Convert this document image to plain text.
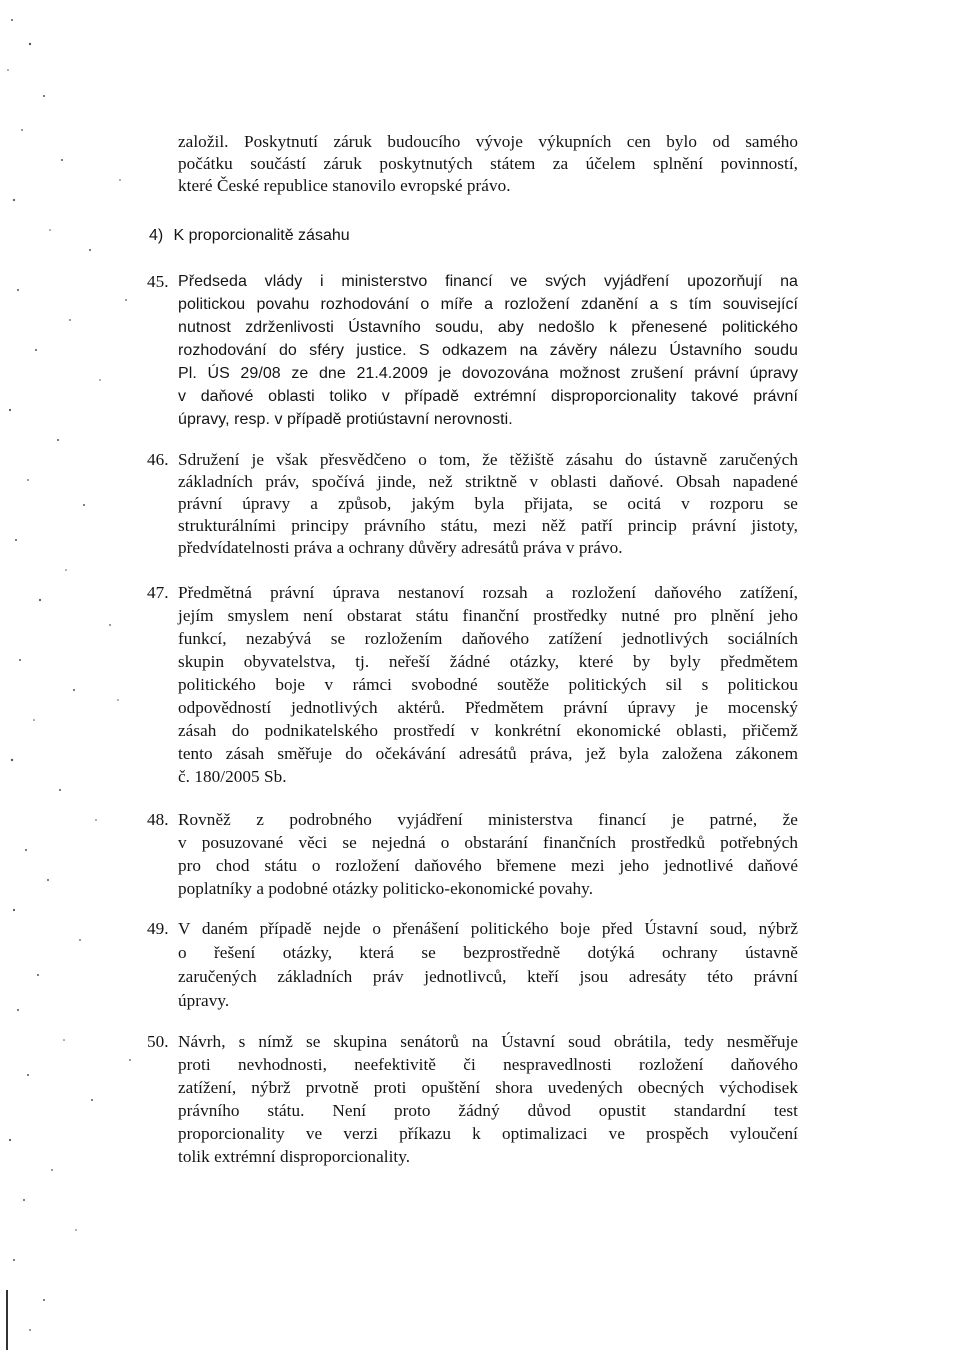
založil. Poskytnutí záruk budoucího vývoje výkupních cen bylo od samého
počátku součástí záruk poskytnutých státem za účelem splnění povinností,
které České republice stanovilo evropské právo.
4) K proporcionalitě zásahu
45. Předseda vlády i ministerstvo financí ve svých vyjádření upozorňují na
politickou povahu rozhodování o míře a rozložení zdanění a s tím související
nutnost zdrženlivosti Ústavního soudu, aby nedošlo k přenesené politického
rozhodování do sféry justice. S odkazem na závěry nálezu Ústavního soudu
Pl. ÚS 29/08 ze dne 21.4.2009 je dovozována možnost zrušení právní úpravy
v daňové oblasti toliko v případě extrémní disproporcionality takové právní
úpravy, resp. v případě protiústavní nerovnosti.
46. Sdružení je však přesvědčeno o tom, že těžiště zásahu do ústavně zaručených
základních práv, spočívá jinde, než striktně v oblasti daňové. Obsah napadené
právní úpravy a způsob, jakým byla přijata, se ocitá v rozporu se
strukturálními principy právního státu, mezi něž patří princip právní jistoty,
předvídatelnosti práva a ochrany důvěry adresátů práva v právo.
47. Předmětná právní úprava nestanoví rozsah a rozložení daňového zatížení,
jejím smyslem není obstarat státu finanční prostředky nutné pro plnění jeho
funkcí, nezabývá se rozložením daňového zatížení jednotlivých sociálních
skupin obyvatelstva, tj. neřeší žádné otázky, které by byly předmětem
politického boje v rámci svobodné soutěže politických sil s politickou
odpovědností jednotlivých aktérů. Předmětem právní úpravy je mocenský
zásah do podnikatelského prostředí v konkrétní ekonomické oblasti, přičemž
tento zásah směřuje do očekávání adresátů práva, jež byla založena zákonem
č. 180/2005 Sb.
48. Rovněž z podrobného vyjádření ministerstva financí je patrné, že
v posuzované věci se nejedná o obstarání finančních prostředků potřebných
pro chod státu o rozložení daňového břemene mezi jeho jednotlivé daňové
poplatníky a podobné otázky politicko-ekonomické povahy.
49. V daném případě nejde o přenášení politického boje před Ústavní soud, nýbrž
o řešení otázky, která se bezprostředně dotýká ochrany ústavně
zaručených základních práv jednotlivců, kteří jsou adresáty této právní
úpravy.
50. Návrh, s nímž se skupina senátorů na Ústavní soud obrátila, tedy nesměřuje
proti nevhodnosti, neefektivitě či nespravedlnosti rozložení daňového
zatížení, nýbrž prvotně proti opuštění shora uvedených obecných východisek
právního státu. Není proto žádný důvod opustit standardní test
proporcionality ve verzi příkazu k optimalizaci ve prospěch vyloučení
tolik extrémní disproporcionality.
